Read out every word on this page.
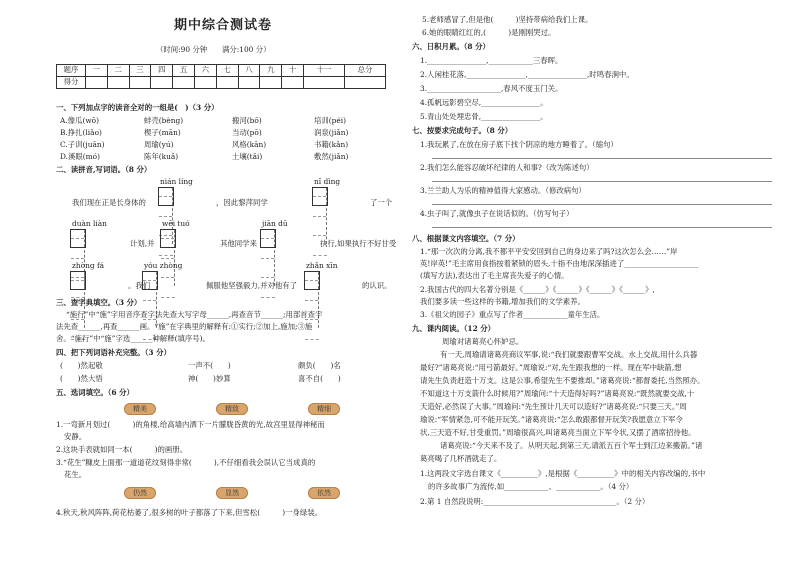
期中综合测试卷
（时间:90 分钟　　满分:100 分）
题序	一	二	三	四	五	六	七	八	九	十	十一	总分
得分												
一、下列加点字的读音全对的一组是(　)（3 分）
A.像瓜(wō)	蚌壳(bèng)	搬河(bō)	培训(péi)
B.挣扎(liǎo)	楔子(mān)	当动(pō)	润泉(jiǎn)
C.子训(juān)	周瑜(yú)	风格(kān)	书籍(kǎn)
D.溪眼(mó)	陈年(kuǎ)	土壤(tǎi)	敷然(jiǎn)
二、读拼音,写词语。（8 分）
nián líng	nǐ dìng
我们现在正是长身体的	，因此黎萍同学	了一个
duàn liàn	wēi tuó	jiān dū
计划,并	其他同学来	执行,如果执行不好甘受
zhòng fá	yóu zhòng	zhǎn xīn
。我们	佩服他坚强毅力,并对他有了	的认识。
三、查字典填空。（3 分）
“施行”中“施”字用音序查字法先查大写字母______,再查音节______;用部首查字
法先查______,再查______画。“施”在字典里的解释有:①实行;②加上,施加;③施
舍。“施行”中“施”字选______种解释(填序号)。
四、把下列词语补充完整。（3 分）
(　　)然起敬	一声不(　　)	颇负(　　)名
(　　)然大悟	神(　　)妙算	喜不自(　　)
五、选词填空。（6 分）
精美	精致	精细
1.一弯新月划过(　　　)的角楼,给高墙内洒下一片朦胧昏黄的光,故宫里显得神秘而
安静。
2.这块手表就如同一本(　　　)的画册。
3.“花生”糠皮上面那一道道花纹刻得非常(　　　),不仔细看我会误认它当成真的
花生。
仍然	显然	依然
4.秋天,秋风阵阵,荷花枯萎了,很多树的叶子都落了下来,但雪松(　　　)一身绿装。
5.老师感冒了,但是他(　　　)坚持带病给我们上课。
6.她的眼睛红红的,(　　　)是刚刚哭过。
六、日积月累。（8 分）
1.________________,____________三春晖。
2.人闲桂花落,________________,________________,时鸣春涧中。
3.____________________,春风不度玉门关。
4.孤帆远影碧空尽,________________。
5.青山处处埋忠骨,________________。
七、按要求完成句子。（8 分）
1.我玩累了,在放在房子底下找个阴凉的地方睡着了。（缩句）
2.我们怎么能容忍破坏纪律的人和事?（改为陈述句）
3.兰兰助人为乐的精神值得大家感动。（修改病句）
4.虫子叫了,就像虫子在说话似的。（仿写句子）
八、根据课文内容填空。（7 分）
1.“那一次次的分离,我不都平平安安回到自己的身边来了吗?这次怎么会……”岸
英!岸英!”毛主席用食指按着紧锁的眉头,十指不由地深深插进了____________________
(填写方法),表达出了毛主席丧失爱子的心情。
2.我国古代的四大名著分别是《______》《______》《______》《______》,
我们要多读一些这样的书籍,增加我们的文学素养。
3.《祖父的园子》重点写了作者____________童年生活。
九、课内阅读。（12 分）
周瑜对诸葛亮心怀妒忌。
有一天,周瑜请诸葛亮商议军事,说:“我们就要跟曹军交战。水上交战,用什么兵器
最好?”诸葛亮说:“用弓箭最好。”周瑜说:“对,先生跟我想的一样。现在军中缺箭,想
请先生负责赶造十万支。这是公事,希望先生不要推却。”诸葛亮说:“都督委托,当然照办。
不知道这十万支箭什么时候用?”周瑜问:“十天造得好吗?”诸葛亮说:“既然就要交战,十
天造好,必然误了大事。”周瑜问:“先生预计几天可以造好?”诸葛亮说:“只要三天。”周
瑜说:“军情紧急,可不能开玩笑。”诸葛亮说:“怎么敢跟都督开玩笑?我愿意立下军令
状,三天造不好,甘受重罚。”周瑜很高兴,叫诸葛亮当面立下军令状,又摆了酒席招待他。
诸葛亮说:“今天来不及了。从明天起,到第三天,请派五百个军士到江边来搬箭。”诸
葛亮喝了几杯酒就走了。
1.这两段文字选自课文《__________》,是根据《__________》中的相关内容改编的,书中
的许多故事广为流传,如____________、____________。（4 分）
2.第 1 自然段说明:____________________________________。（2 分）
